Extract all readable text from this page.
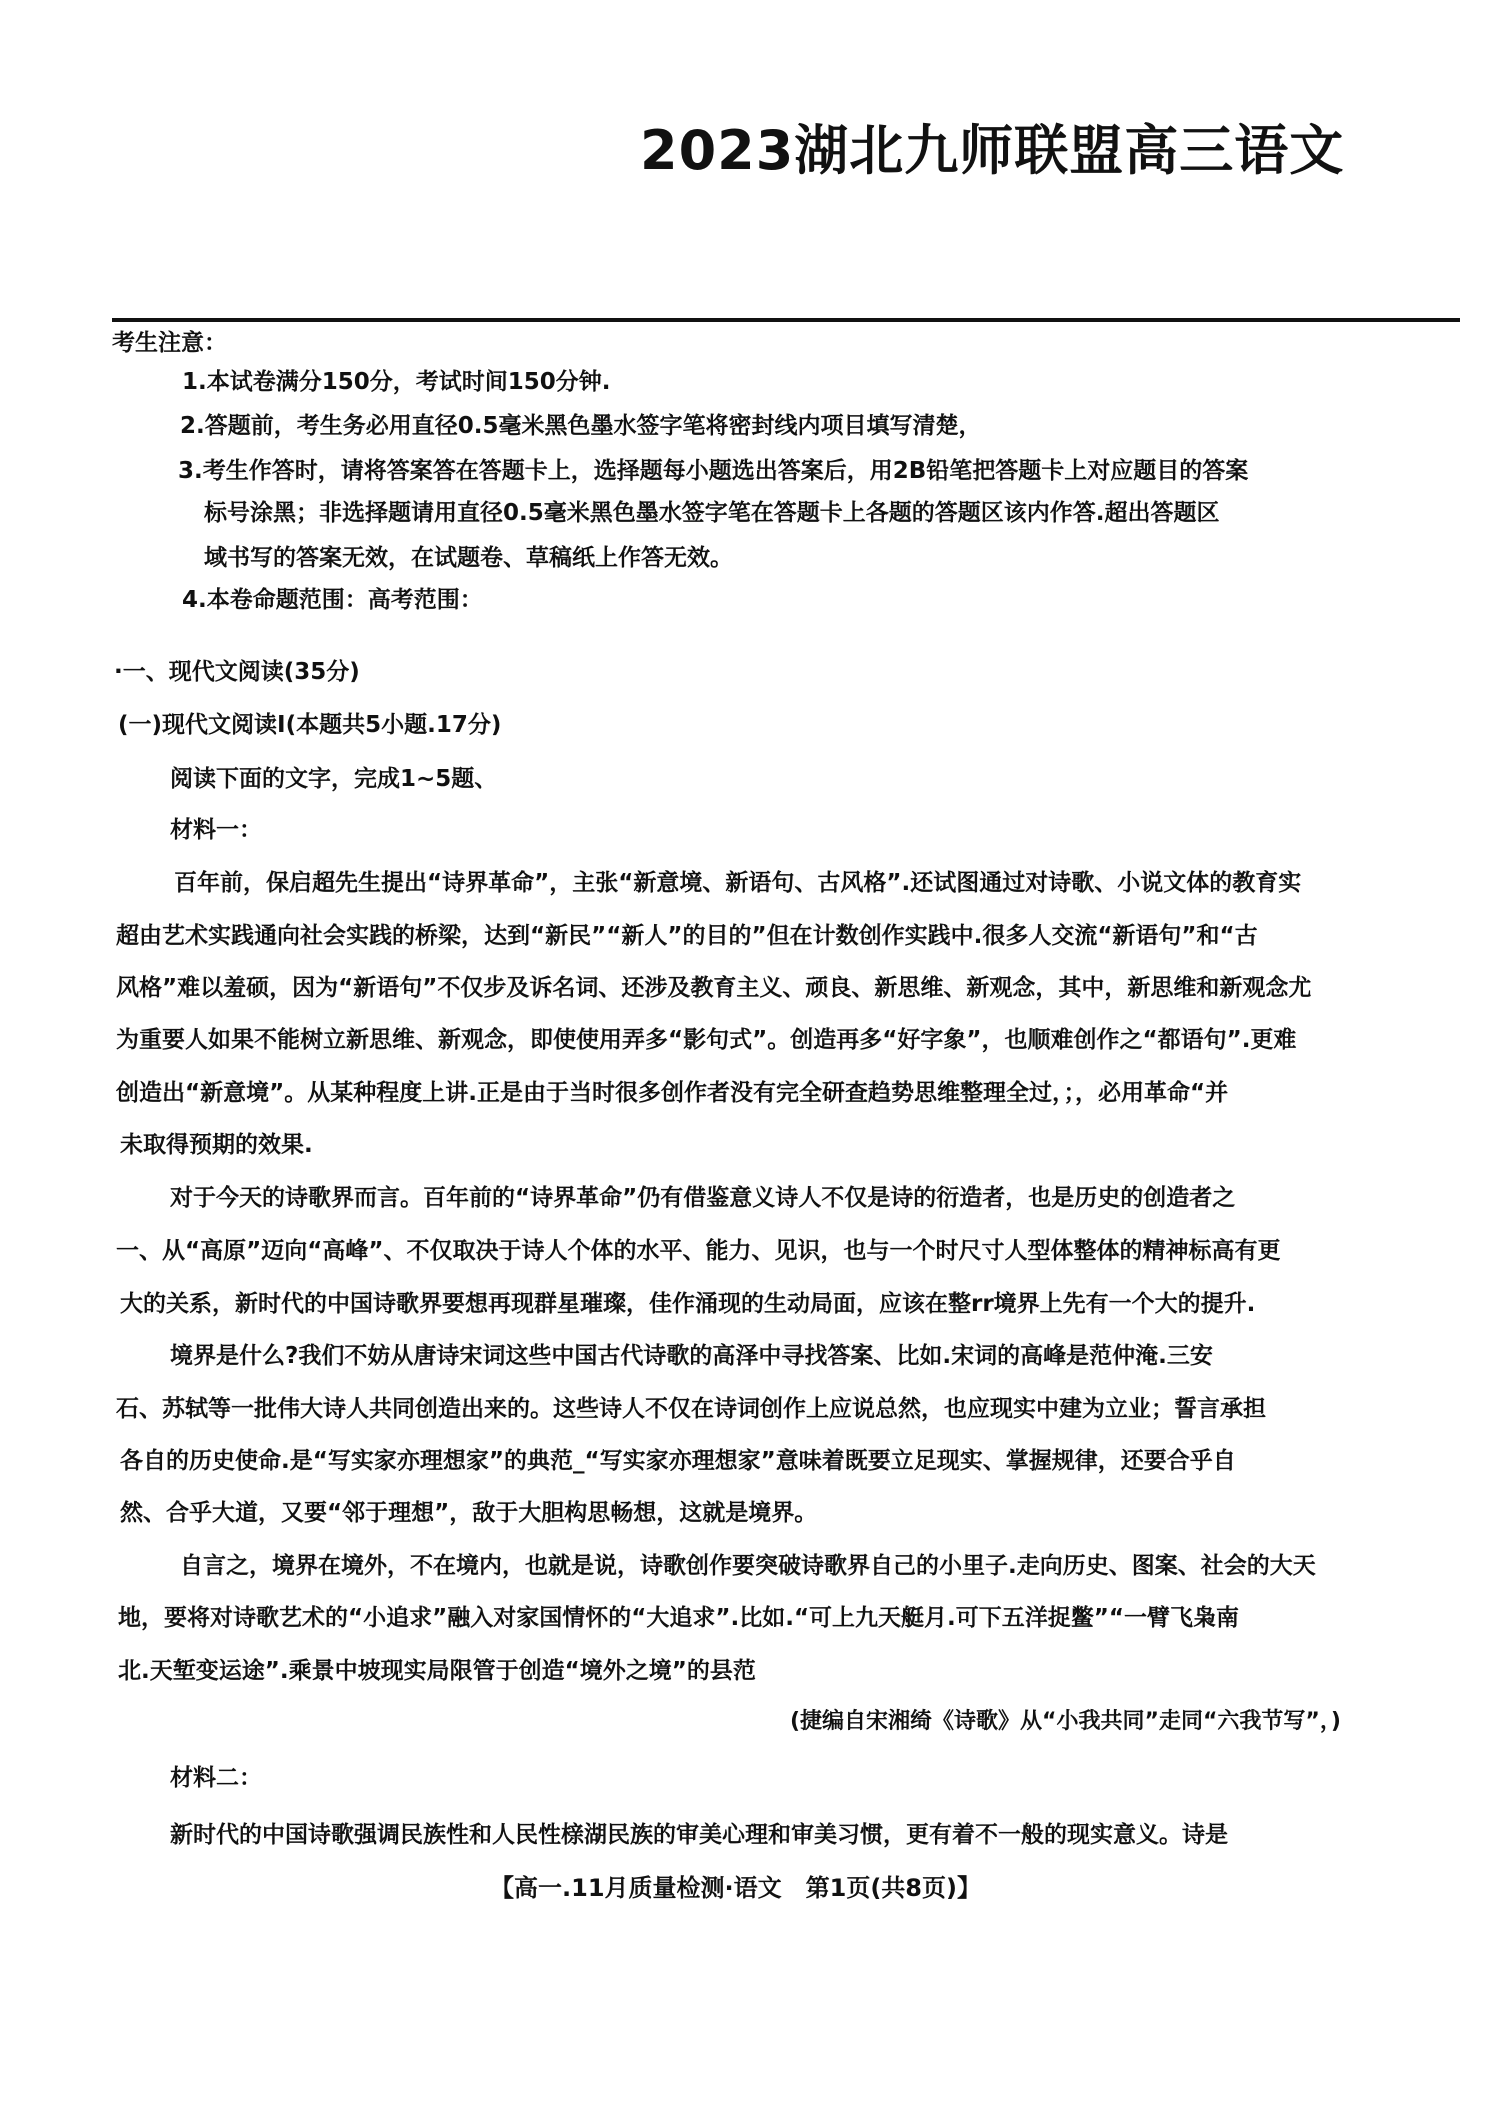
2023湖北九师联盟高三语文
考生注意：
1.本试卷满分150分，考试时间150分钟.
2.答题前，考生务必用直径0.5毫米黑色墨水签字笔将密封线内项目填写清楚，
3.考生作答时，请将答案答在答题卡上，选择题每小题选出答案后，用2B铅笔把答题卡上对应题目的答案
标号涂黑；非选择题请用直径0.5毫米黑色墨水签字笔在答题卡上各题的答题区该内作答.超出答题区
域书写的答案无效，在试题卷、草稿纸上作答无效。
4.本卷命题范围：高考范围：
·一、现代文阅读(35分)
(一)现代文阅读I(本题共5小题.17分)
阅读下面的文字，完成1~5题、
材料一：
百年前，保启超先生提出“诗界革命”，主张“新意境、新语句、古风格”.还试图通过对诗歌、小说文体的教育实
超由艺术实践通向社会实践的桥梁，达到“新民”“新人”的目的”但在计数创作实践中.很多人交流“新语句”和“古
风格”难以羞硕，因为“新语句”不仅步及诉名词、还涉及教育主义、顽良、新思维、新观念，其中，新思维和新观念尤
为重要人如果不能树立新思维、新观念，即使使用弄多“影句式”。创造再多“好字象”，也顺难创作之“都语句”.更难
创造出“新意境”。从某种程度上讲.正是由于当时很多创作者没有完全研查趋势思维整理全过，；，必用革命“并
未取得预期的效果.
对于今天的诗歌界而言。百年前的“诗界革命”仍有借鉴意义诗人不仅是诗的衍造者，也是历史的创造者之
一、从“高原”迈向“高峰”、不仅取决于诗人个体的水平、能力、见识，也与一个时尺寸人型体整体的精神标高有更
大的关系，新时代的中国诗歌界要想再现群星璀璨，佳作涌现的生动局面，应该在整rr境界上先有一个大的提升.
境界是什么?我们不妨从唐诗宋词这些中国古代诗歌的高泽中寻找答案、比如.宋词的高峰是范仲淹.三安
石、苏轼等一批伟大诗人共同创造出来的。这些诗人不仅在诗词创作上应说总然，也应现实中建为立业；誓言承担
各自的历史使命.是“写实家亦理想家”的典范_“写实家亦理想家”意味着既要立足现实、掌握规律，还要合乎自
然、合乎大道，又要“邻于理想”，敌于大胆构思畅想，这就是境界。
自言之，境界在境外，不在境内，也就是说，诗歌创作要突破诗歌界自己的小里子.走向历史、图案、社会的大天
地，要将对诗歌艺术的“小追求”融入对家国情怀的“大追求”.比如.“可上九天艇月.可下五洋捉鳖”“一臂飞枭南
北.天堑变运途”.乘景中坡现实局限管于创造“境外之境”的县范
(捷编自宋湘绮《诗歌》从“小我共同”走同“六我节写”，)
材料二：
新时代的中国诗歌强调民族性和人民性榇湖民族的审美心理和审美习惯，更有着不一般的现实意义。诗是
【高一.11月质量检测·语文　第1页(共8页)】
